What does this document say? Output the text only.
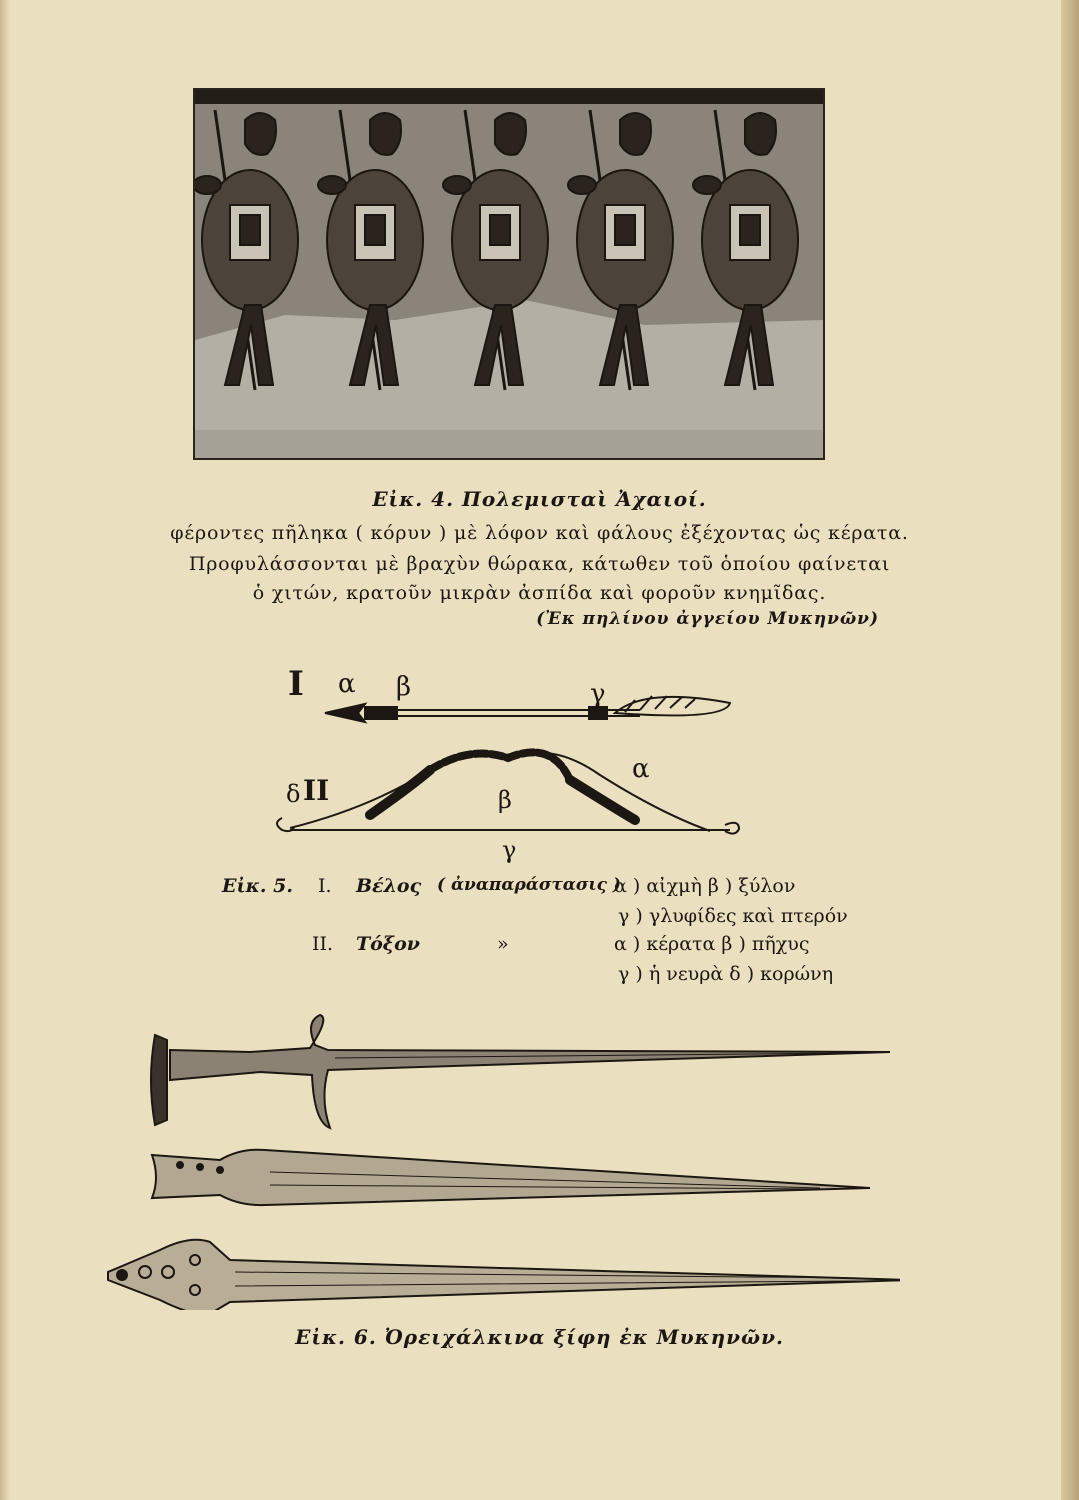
Εἰκ. 4. Πολεμισταὶ Ἀχαιοί.
φέροντες πῆληκα ( κόρυν ) μὲ λόφον καὶ φάλους ἐξέχοντας ὡς κέρατα.
Προφυλάσσονται μὲ βραχὺν θώρακα, κάτωθεν τοῦ ὁποίου φαίνεται
ὁ χιτών, κρατοῦν μικρὰν ἀσπίδα καὶ φοροῦν κνημῖδας.
(Ἐκ πηλίνου ἀγγείου Μυκηνῶν)
I α β	γ
δ II
α
β
γ
Εἰκ. 5. I. Βέλος ( ἀναπαράστασις )
α ) αἰχμὴ β ) ξύλον
γ ) γλυφίδες καὶ πτερόν
II. Τόξον	»	α ) κέρατα β ) πῆχυς
γ ) ἡ νευρὰ δ ) κορώνη
Εἰκ. 6. Ὀρειχάλκινα ξίφη ἐκ Μυκηνῶν.
